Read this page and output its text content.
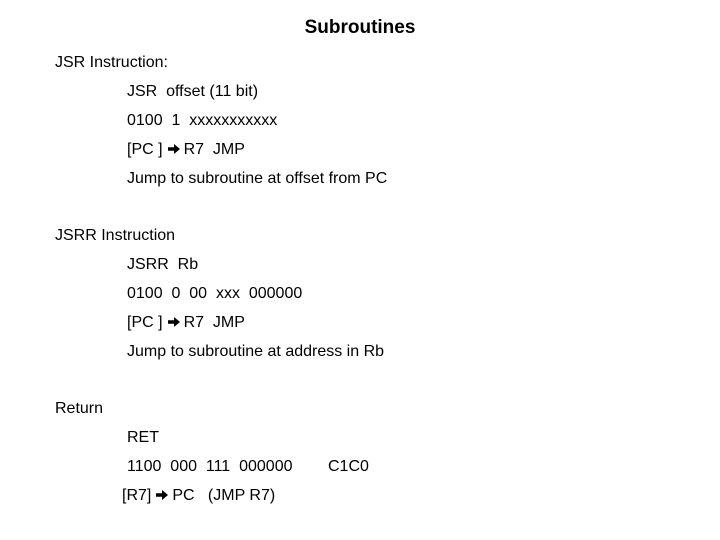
Subroutines
JSR Instruction:
JSR  offset (11 bit)
0100  1  xxxxxxxxxxx
[PC ] R7  JMP
Jump to subroutine at offset from PC
JSRR Instruction
JSRR  Rb
0100  0  00  xxx  000000
[PC ] R7  JMP
Jump to subroutine at address in Rb
Return
RET
1100  000  111  000000 C1C0
[R7] PC   (JMP R7)
